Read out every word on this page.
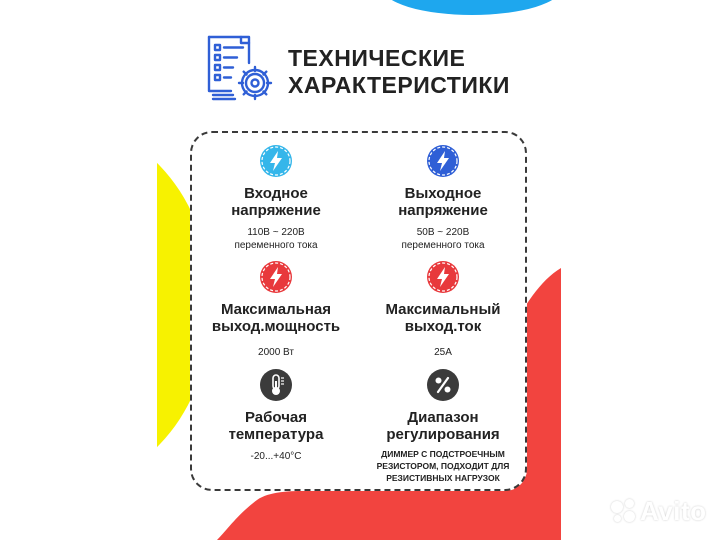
ТЕХНИЧЕСКИЕ
ХАРАКТЕРИСТИКИ
Входное
напряжение
110В ~ 220В
переменного тока
Выходное
напряжение
50В ~ 220В
переменного тока
Максимальная
выход.мощность
2000 Вт
Максимальный
выход.ток
25А
Рабочая
температура
-20...+40°С
Диапазон
регулирования
ДИММЕР С ПОДСТРОЕЧНЫМ
РЕЗИСТОРОМ, ПОДХОДИТ ДЛЯ
РЕЗИСТИВНЫХ НАГРУЗОК
Avito
